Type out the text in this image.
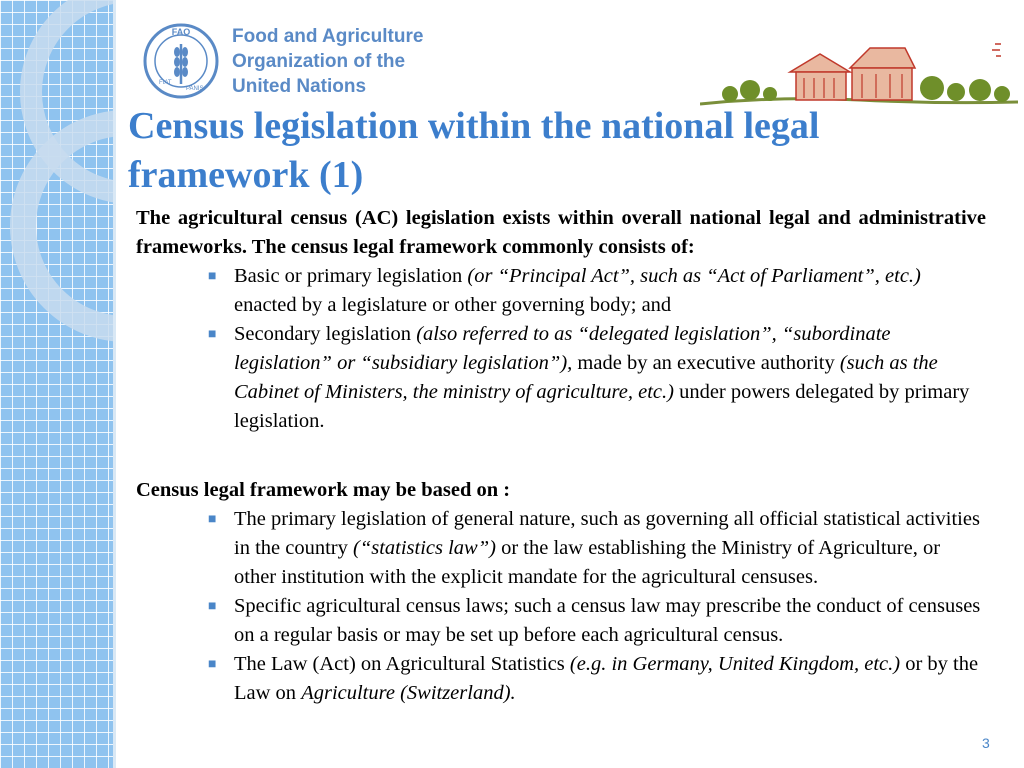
FAO
FIAT
PANIS
Food and Agriculture
Organization of the
United Nations
Census legislation within the national legal
framework (1)

The agricultural census (AC) legislation exists within overall national legal and administrative frameworks. The census legal framework commonly consists of:

■ Basic or primary legislation (or “Principal Act”, such as “Act of Parliament”, etc.) enacted by a legislature or other governing body; and
■ Secondary legislation (also referred to as “delegated legislation”, “subordinate legislation” or “subsidiary legislation”), made by an executive authority (such as the Cabinet of Ministers, the ministry of agriculture, etc.) under powers delegated by primary legislation.

Census legal framework may be based on :

■ The primary legislation of general nature, such as governing all official statistical activities in the country (“statistics law”) or the law establishing the Ministry of Agriculture, or other institution with the explicit mandate for the agricultural censuses.
■ Specific agricultural census laws; such a census law may prescribe the conduct of censuses on a regular basis or may be set up before each agricultural census.
■ The Law (Act) on Agricultural Statistics (e.g. in Germany, United Kingdom, etc.) or by the Law on Agriculture (Switzerland).
3
